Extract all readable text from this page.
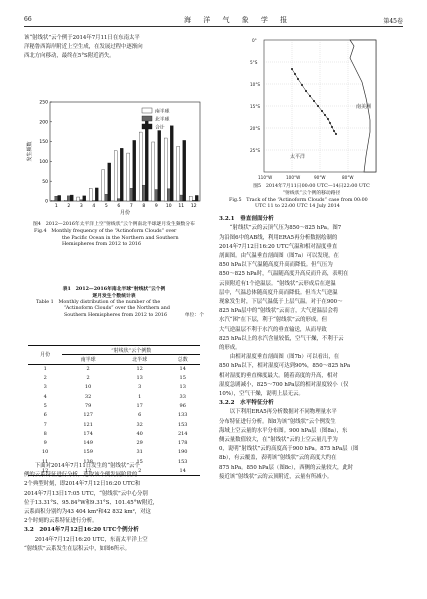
66	海 洋 气 象 学 报	第45卷
该“射线状”云个例于2014年7月11日在东南太平
洋秘鲁西海岸附近上空生成，在发展过程中逐渐向
西北方向移动，最终在5°S附近消失。
0
50
100
150
200
250
1 2 3 4 5 6 7 8 9 10 11 12
月份
发生频数
南半球
北半球
合计
图4　2012—2016年太平洋上空“射线状”云个例南北半球逐月发生频数分布
Fig.4　Monthly frequency of the “Actinoform Clouds” over
the Pacific Ocean in the Northern and Southern
Hemispheres from 2012 to 2016
表1　2012—2016年南北半球“射线状”云个例
逐月发生个数统计表
Table 1　Monthly distribution of the number of the
“Actinoform Clouds” over the Northern and
Southern Hemispheres from 2012 to 2016	单位：个
月份	“射线状”云个例数		
	南半球	北半球	总数
1	2	12	14
2	2	13	15
3	10	3	13
4	32	1	33
5	79	17	96
6	127	6	133
7	121	32	153
8	174	40	214
9	149	29	178
10	159	31	190
11	138	15	153
12	12	2	14
下面对2014年7月11日发生的“射线状”云个
例的云系特征进行分析，选取该个例发展阶段的
2个典型时刻，即2014年7月12日16:20 UTC和
2014年7月13日17:05 UTC，“射线状”云中心分别
位于13.31°S、95.84°W和9.31°S、101.45°W附近，
云系面积分别约为43 404 km²和42 832 km²，对这
2个时刻的云系特征进行分析。
3.2　2014年7月12日16:20 UTC个例分析
2014年7月12日16:20 UTC，东南太平洋上空
“射线状”云系发生在层积云中，如图6所示。
0°
5°S
10°S
15°S
20°S
25°S
110°W	100°W	90°W	80°W
南美洲
太平洋
图5　2014年7月11日00:00 UTC—14日22:00 UTC
“射线状”云个例的移动路径
Fig.5　Track of the “Actinoform Clouds” case from 00:00
UTC 11 to 22:00 UTC 14 July 2014
3.2.1　垂直剖面分析
“射线状”云的云顶气压为850～825 hPa。图7
为沿图6中的AB线，利用ERA5再分析数据绘制的
2014年7月12日16:20 UTC气温和相对湿度垂直
剖面图。由气温垂直剖面图（图7a）可以发现，在
850 hPa以下气温随高度升高而降低。但气压为
850～825 hPa时，气温随高度升高反而升高，表明在
云顶附近有1个逆温层。“射线状”云形成后在逆温
层中，气温总体随高度升高而降低。但当大气逆温
现象发生时，下层气温低于上层气温。对于在900～
825 hPa层中的“射线状”云而言，大气逆温层会将
水汽“困”在下层，利于“射线状”云的形成。但
大气逆温层不利于水汽的垂直输送，从而导致
825 hPa以上的水汽含量较低，空气干燥，不利于云
的形成。
由相对湿度垂直剖面图（图7b）可以看出，在
850 hPa以下，相对湿度可达到90%，850～825 hPa
相对湿度的垂直梯度最大。随着高度的升高，相对
湿度急剧减小，825～700 hPa层的相对湿度较小（仅
10%），空气干燥，说明上层无云。
3.2.2　水平特征分析
以下利用ERA5再分析数据对不同物理量水平
分布特征进行分析。图8为该“射线状”云个例发生
海域上空云量的水平分布图。900 hPa层（图8a），东
侧云量数值较大，在“射线状”云的上空云量几乎为
0，说明“射线状”云的高度高于900 hPa。875 hPa层（图
8b），有云覆盖，表明该“射线状”云的高度大约在
875 hPa。850 hPa层（图8c），西侧的云量较大，此时
接近该“射线状”云的云顶附近，云量有所减小。
